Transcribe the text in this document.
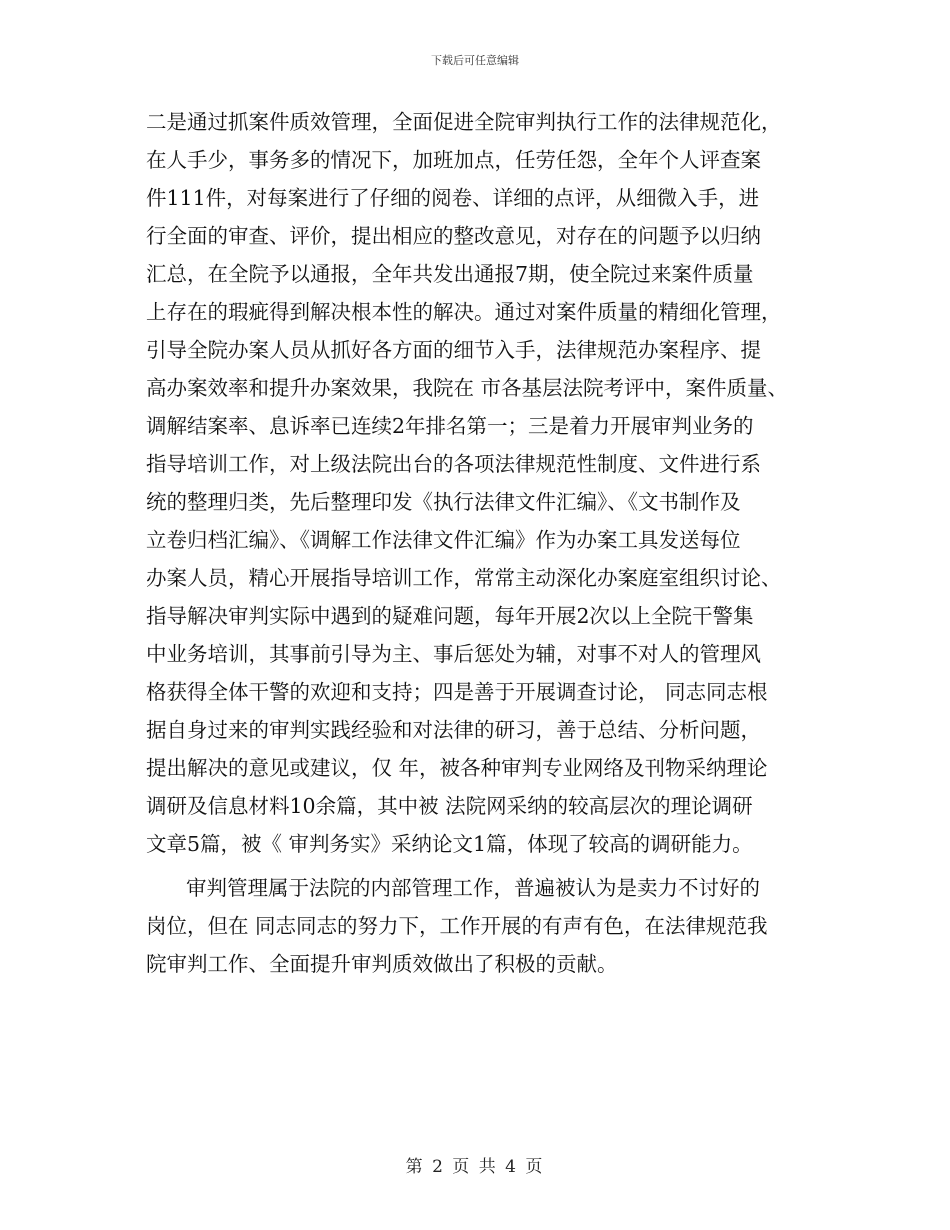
下载后可任意编辑
二是通过抓案件质效管理，全面促进全院审判执行工作的法律规范化，
在人手少，事务多的情况下，加班加点，任劳任怨，全年个人评查案
件111件，对每案进行了仔细的阅卷、详细的点评，从细微入手，进
行全面的审查、评价，提出相应的整改意见，对存在的问题予以归纳
汇总，在全院予以通报，全年共发出通报7期，使全院过来案件质量
上存在的瑕疵得到解决根本性的解决。通过对案件质量的精细化管理，
引导全院办案人员从抓好各方面的细节入手，法律规范办案程序、提
高办案效率和提升办案效果，我院在 市各基层法院考评中，案件质量、
调解结案率、息诉率已连续2年排名第一；三是着力开展审判业务的
指导培训工作，对上级法院出台的各项法律规范性制度、文件进行系
统的整理归类，先后整理印发《执行法律文件汇编》、《文书制作及
立卷归档汇编》、《调解工作法律文件汇编》作为办案工具发送每位
办案人员，精心开展指导培训工作，常常主动深化办案庭室组织讨论、
指导解决审判实际中遇到的疑难问题，每年开展2次以上全院干警集
中业务培训，其事前引导为主、事后惩处为辅，对事不对人的管理风
格获得全体干警的欢迎和支持；四是善于开展调查讨论， 同志同志根
据自身过来的审判实践经验和对法律的研习，善于总结、分析问题，
提出解决的意见或建议，仅 年，被各种审判专业网络及刊物采纳理论
调研及信息材料10余篇，其中被 法院网采纳的较高层次的理论调研
文章5篇，被《 审判务实》采纳论文1篇，体现了较高的调研能力。
审判管理属于法院的内部管理工作，普遍被认为是卖力不讨好的
岗位，但在 同志同志的努力下，工作开展的有声有色，在法律规范我
院审判工作、全面提升审判质效做出了积极的贡献。
第 2 页 共 4 页
